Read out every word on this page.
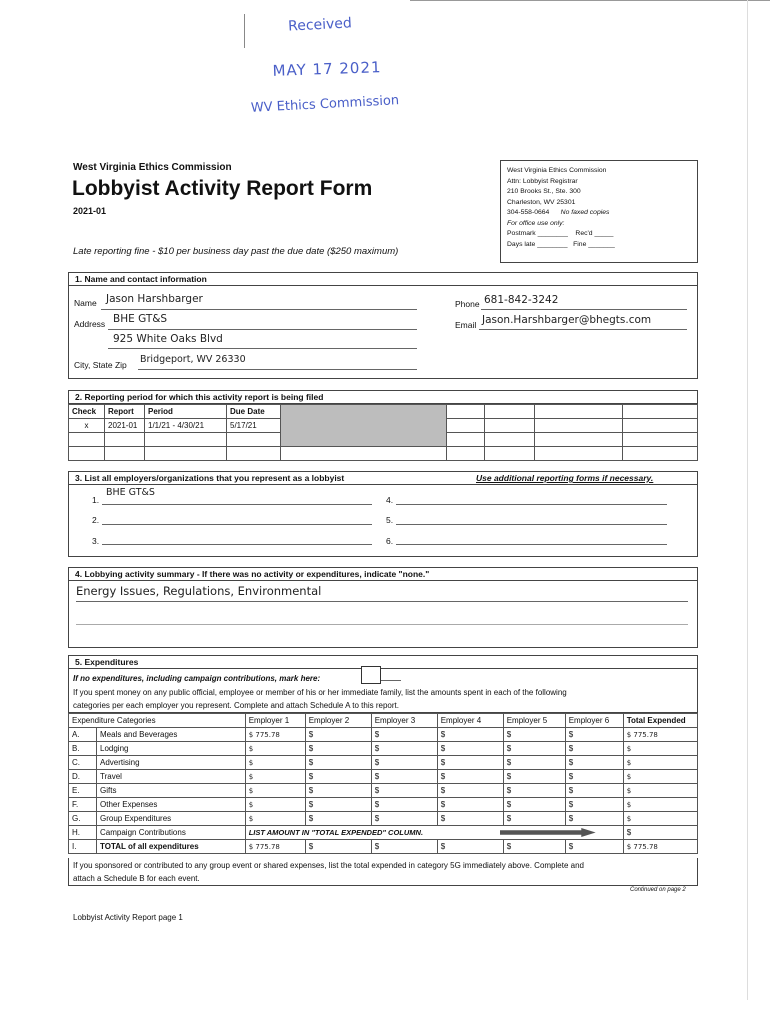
Received
MAY 17 2021
WV Ethics Commission
West Virginia Ethics Commission
Lobbyist Activity Report Form
2021-01
Late reporting fine - $10 per business day past the due date ($250 maximum)
West Virginia Ethics Commission
Attn: Lobbyist Registrar
210 Brooks St., Ste. 300
Charleston, WV 25301
304-558-0664 No faxed copies
For office use only:
Postmark ________    Rec'd _____
Days late ________   Fine _______
1. Name and contact information
Name Jason Harshbarger
Address BHE GT&S
925 White Oaks Blvd
City, State Zip Bridgeport, WV 26330
Phone 681-842-3242
Email Jason.Harshbarger@bhegts.com
2. Reporting period for which this activity report is being filed
Check	Report	Period	Due Date					
x	2021-01	1/1/21 - 4/30/21	5/17/21					

3. List all employers/organizations that you represent as a lobbyist	Use additional reporting forms if necessary.
1.
BHE GT&S
2.
3.
4.
5.
6.
4. Lobbying activity summary - If there was no activity or expenditures, indicate "none."
Energy Issues, Regulations, Environmental
5. Expenditures
If no expenditures, including campaign contributions, mark here:
If you spent money on any public official, employee or member of his or her immediate family, list the amounts spent in each of the following
categories per each employer you represent. Complete and attach Schedule A to this report.
Expenditure Categories		Employer 1	Employer 2	Employer 3	Employer 4	Employer 5	Employer 6	Total Expended
A.	Meals and Beverages	$ 775.78	$	$	$	$	$	$ 775.78
B.	Lodging	$	$	$	$	$	$	$
C.	Advertising	$	$	$	$	$	$	$
D.	Travel	$	$	$	$	$	$	$
E.	Gifts	$	$	$	$	$	$	$
F.	Other Expenses	$	$	$	$	$	$	$
G.	Group Expenditures	$	$	$	$	$	$	$
H.	Campaign Contributions	LIST AMOUNT IN "TOTAL EXPENDED" COLUMN.						$
I.	TOTAL of all expenditures	$ 775.78	$	$	$	$	$	$ 775.78
If you sponsored or contributed to any group event or shared expenses, list the total expended in category 5G immediately above. Complete and
attach a Schedule B for each event.
Continued on page 2
Lobbyist Activity Report page 1
